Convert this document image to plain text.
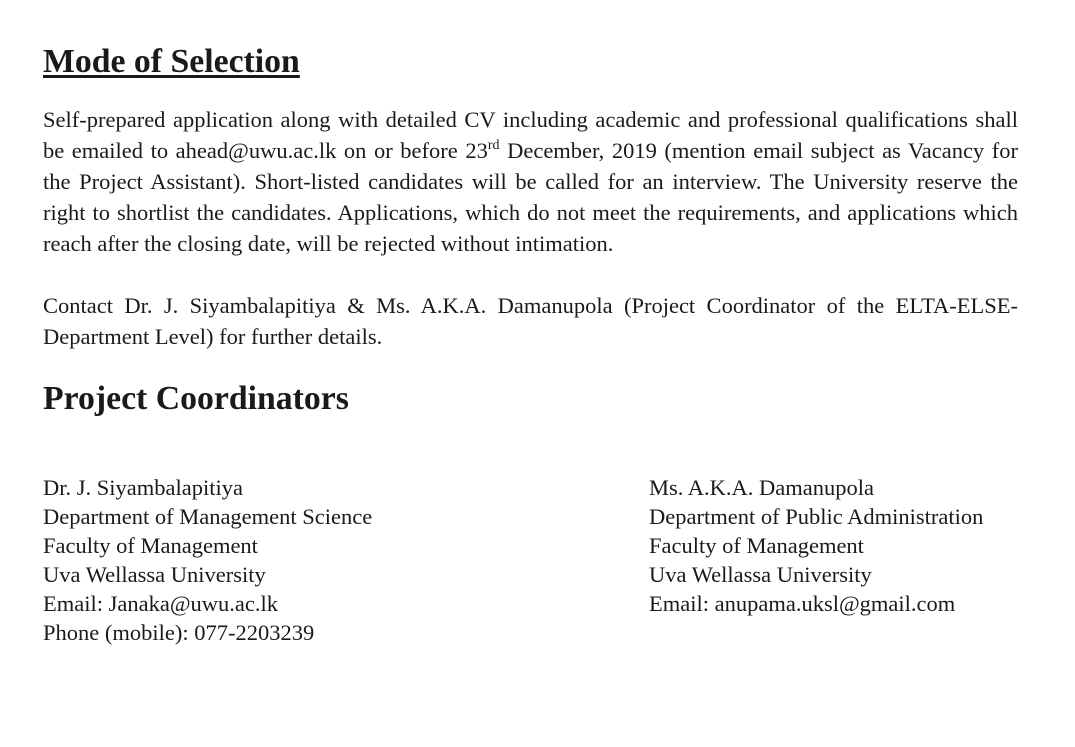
Mode of Selection

Self-prepared application along with detailed CV including academic and professional qualifications shall be emailed to ahead@uwu.ac.lk on or before 23rd December, 2019 (mention email subject as Vacancy for the Project Assistant). Short-listed candidates will be called for an interview. The University reserve the right to shortlist the candidates. Applications, which do not meet the requirements, and applications which reach after the closing date, will be rejected without intimation.

Contact Dr. J. Siyambalapitiya & Ms. A.K.A. Damanupola (Project Coordinator of the ELTA-ELSE- Department Level) for further details.

Project Coordinators
Dr. J. Siyambalapitiya
Department of Management Science
Faculty of Management
Uva Wellassa University
Email: Janaka@uwu.ac.lk
Phone (mobile): 077-2203239
Ms. A.K.A. Damanupola
Department of Public Administration
Faculty of Management
Uva Wellassa University
Email: anupama.uksl@gmail.com
